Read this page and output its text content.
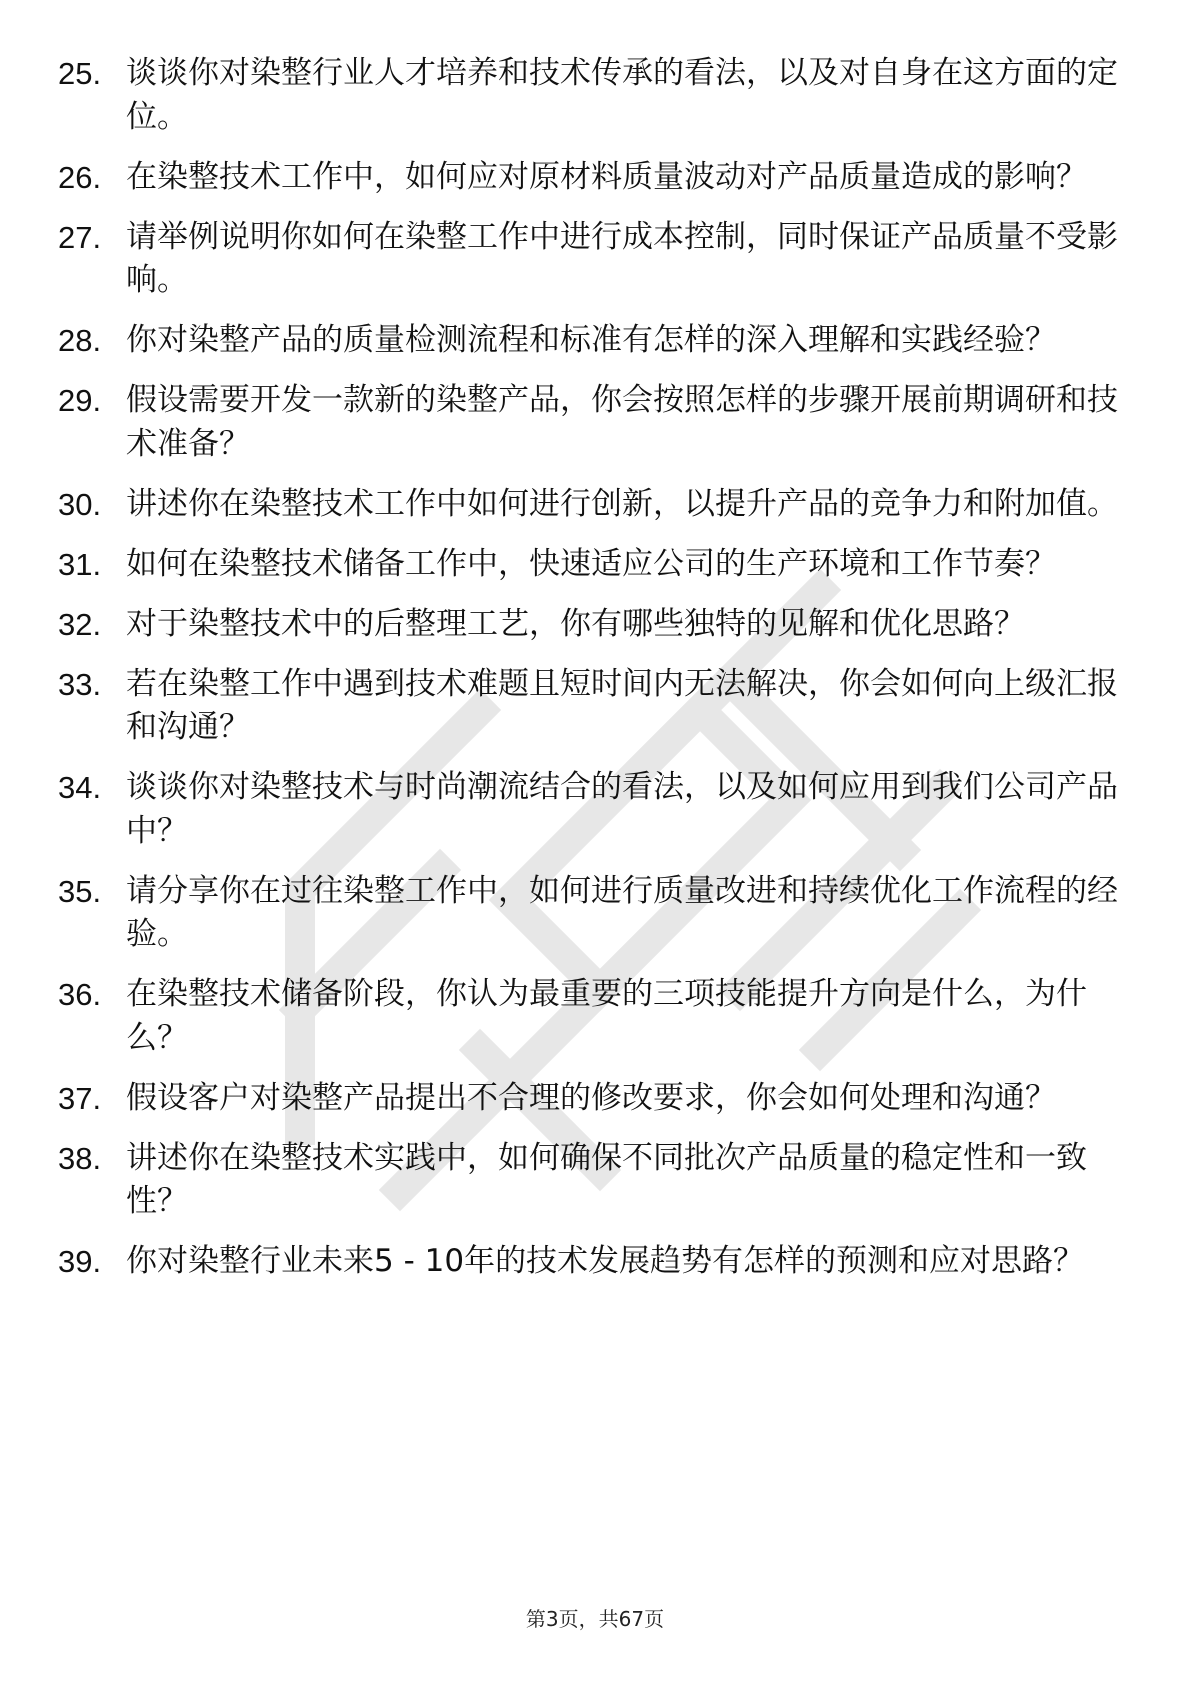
25. 谈谈你对染整行业人才培养和技术传承的看法，以及对自身在这方面的定位。
26. 在染整技术工作中，如何应对原材料质量波动对产品质量造成的影响？
27. 请举例说明你如何在染整工作中进行成本控制，同时保证产品质量不受影响。
28. 你对染整产品的质量检测流程和标准有怎样的深入理解和实践经验？
29. 假设需要开发一款新的染整产品，你会按照怎样的步骤开展前期调研和技术准备？
30. 讲述你在染整技术工作中如何进行创新，以提升产品的竞争力和附加值。
31. 如何在染整技术储备工作中，快速适应公司的生产环境和工作节奏？
32. 对于染整技术中的后整理工艺，你有哪些独特的见解和优化思路？
33. 若在染整工作中遇到技术难题且短时间内无法解决，你会如何向上级汇报和沟通？
34. 谈谈你对染整技术与时尚潮流结合的看法，以及如何应用到我们公司产品中？
35. 请分享你在过往染整工作中，如何进行质量改进和持续优化工作流程的经验。
36. 在染整技术储备阶段，你认为最重要的三项技能提升方向是什么，为什么？
37. 假设客户对染整产品提出不合理的修改要求，你会如何处理和沟通？
38. 讲述你在染整技术实践中，如何确保不同批次产品质量的稳定性和一致性？
39. 你对染整行业未来5 - 10年的技术发展趋势有怎样的预测和应对思路？
第3页，共67页
